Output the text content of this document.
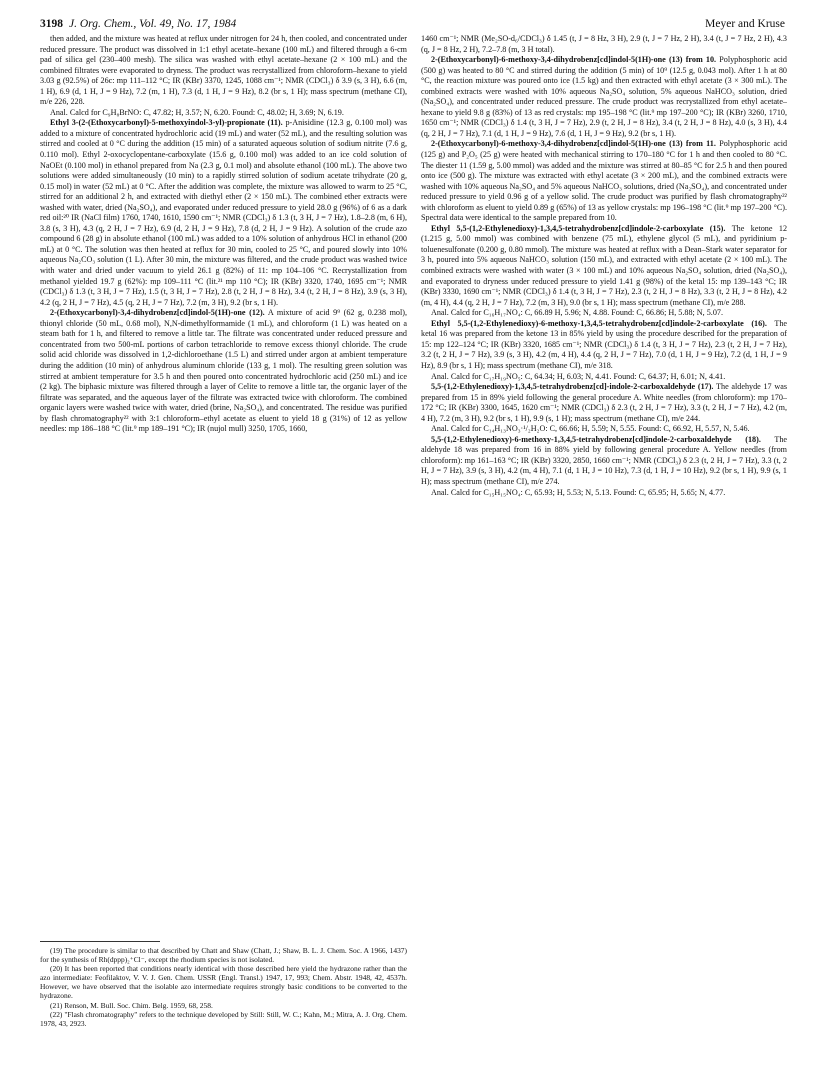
3198 J. Org. Chem., Vol. 49, No. 17, 1984	Meyer and Kruse

then added, and the mixture was heated at reflux under nitrogen for 24 h, then cooled, and concentrated under reduced pressure. The product was dissolved in 1:1 ethyl acetate–hexane (100 mL) and filtered through a 6-cm pad of silica gel (230–400 mesh). The silica was washed with ethyl acetate–hexane (2 × 100 mL) and the combined filtrates were evaporated to dryness. The product was recrystallized from chloroform–hexane to yield 3.03 g (92.5%) of 26c: mp 111–112 °C; IR (KBr) 3370, 1245, 1088 cm⁻¹; NMR (CDCl₃) δ 3.9 (s, 3 H), 6.6 (m, 1 H), 6.9 (d, 1 H, J = 9 Hz), 7.2 (m, 1 H), 7.3 (d, 1 H, J = 9 Hz), 8.2 (br s, 1 H); mass spectrum (methane CI), m/e 226, 228.

Anal. Calcd for C₉H₈BrNO: C, 47.82; H, 3.57; N, 6.20. Found: C, 48.02; H, 3.69; N, 6.19.

Ethyl 3-(2-(Ethoxycarbonyl)-5-methoxyindol-3-yl)-propionate (11). p-Anisidine (12.3 g, 0.100 mol) was added to a mixture of concentrated hydrochloric acid (19 mL) and water (52 mL), and the resulting solution was stirred and cooled at 0 °C during the addition (15 min) of a saturated aqueous solution of sodium nitrite (7.6 g, 0.110 mol). Ethyl 2-oxocyclopentane-carboxylate (15.6 g, 0.100 mol) was added to an ice cold solution of NaOEt (0.100 mol) in ethanol prepared from Na (2.3 g, 0.1 mol) and absolute ethanol (100 mL). The above two solutions were added simultaneously (10 min) to a rapidly stirred solution of sodium acetate trihydrate (20 g, 0.15 mol) in water (52 mL) at 0 °C. After the addition was complete, the mixture was allowed to warm to 25 °C, stirred for an additional 2 h, and extracted with diethyl ether (2 × 150 mL). The combined ether extracts were washed with water, dried (Na₂SO₄), and evaporated under reduced pressure to yield 28.0 g (96%) of 6 as a dark red oil:²⁰ IR (NaCl film) 1760, 1740, 1610, 1590 cm⁻¹; NMR (CDCl₃) δ 1.3 (t, 3 H, J = 7 Hz), 1.8–2.8 (m, 6 H), 3.8 (s, 3 H), 4.3 (q, 2 H, J = 7 Hz), 6.9 (d, 2 H, J = 9 Hz), 7.8 (d, 2 H, J = 9 Hz). A solution of the crude azo compound 6 (28 g) in absolute ethanol (100 mL) was added to a 10% solution of anhydrous HCl in ethanol (200 mL) at 0 °C. The solution was then heated at reflux for 30 min, cooled to 25 °C, and poured slowly into 10% aqueous Na₂CO₃ solution (1 L). After 30 min, the mixture was filtered, and the crude product was washed twice with water and dried under vacuum to yield 26.1 g (82%) of 11: mp 104–106 °C. Recrystallization from methanol yielded 19.7 g (62%): mp 109–111 °C (lit.²¹ mp 110 °C); IR (KBr) 3320, 1740, 1695 cm⁻¹; NMR (CDCl₃) δ 1.3 (t, 3 H, J = 7 Hz), 1.5 (t, 3 H, J = 7 Hz), 2.8 (t, 2 H, J = 8 Hz), 3.4 (t, 2 H, J = 8 Hz), 3.9 (s, 3 H), 4.2 (q, 2 H, J = 7 Hz), 4.5 (q, 2 H, J = 7 Hz), 7.2 (m, 3 H), 9.2 (br s, 1 H).

2-(Ethoxycarbonyl)-3,4-dihydrobenz[cd]indol-5(1H)-one (12). A mixture of acid 9⁹ (62 g, 0.238 mol), thionyl chloride (50 mL, 0.68 mol), N,N-dimethylformamide (1 mL), and chloroform (1 L) was heated on a steam bath for 1 h, and filtered to remove a little tar. The filtrate was concentrated under reduced pressure and concentrated from two 500-mL portions of carbon tetrachloride to remove excess thionyl chloride. The crude solid acid chloride was dissolved in 1,2-dichloroethane (1.5 L) and stirred under argon at ambient temperature during the addition (10 min) of anhydrous aluminum chloride (133 g, 1 mol). The resulting green solution was stirred at ambient temperature for 3.5 h and then poured onto concentrated hydrochloric acid (250 mL) and ice (2 kg). The biphasic mixture was filtered through a layer of Celite to remove a little tar, the organic layer of the filtrate was separated, and the aqueous layer of the filtrate was extracted twice with chloroform. The combined organic layers were washed twice with water, dried (brine, Na₂SO₄), and concentrated. The residue was purified by flash chromatography²² with 3:1 chloroform–ethyl acetate as eluent to yield 18 g (31%) of 12 as yellow needles: mp 186–188 °C (lit.⁹ mp 189–191 °C); IR (nujol mull) 3250, 1705, 1660,

1460 cm⁻¹; NMR (Me₂SO-d₆/CDCl₃) δ 1.45 (t, J = 8 Hz, 3 H), 2.9 (t, J = 7 Hz, 2 H), 3.4 (t, J = 7 Hz, 2 H), 4.3 (q, J = 8 Hz, 2 H), 7.2–7.8 (m, 3 H total).

2-(Ethoxycarbonyl)-6-methoxy-3,4-dihydrobenz[cd]indol-5(1H)-one (13) from 10. Polyphosphoric acid (500 g) was heated to 80 °C and stirred during the addition (5 min) of 10⁹ (12.5 g, 0.043 mol). After 1 h at 80 °C, the reaction mixture was poured onto ice (1.5 kg) and then extracted with ethyl acetate (3 × 300 mL). The combined extracts were washed with 10% aqueous Na₂SO₄ solution, 5% aqueous NaHCO₃ solution, dried (Na₂SO₄), and concentrated under reduced pressure. The crude product was recrystallized from ethyl acetate–hexane to yield 9.8 g (83%) of 13 as red crystals: mp 195–198 °C (lit.⁹ mp 197–200 °C); IR (KBr) 3260, 1710, 1650 cm⁻¹; NMR (CDCl₃) δ 1.4 (t, 3 H, J = 7 Hz), 2.9 (t, 2 H, J = 8 Hz), 3.4 (t, 2 H, J = 8 Hz), 4.0 (s, 3 H), 4.4 (q, 2 H, J = 7 Hz), 7.1 (d, 1 H, J = 9 Hz), 7.6 (d, 1 H, J = 9 Hz), 9.2 (br s, 1 H).

2-(Ethoxycarbonyl)-6-methoxy-3,4-dihydrobenz[cd]indol-5(1H)-one (13) from 11. Polyphosphoric acid (125 g) and P₂O₅ (25 g) were heated with mechanical stirring to 170–180 °C for 1 h and then cooled to 80 °C. The diester 11 (1.59 g, 5.00 mmol) was added and the mixture was stirred at 80–85 °C for 2.5 h and then poured onto ice (500 g). The mixture was extracted with ethyl acetate (3 × 200 mL), and the combined extracts were washed with 10% aqueous Na₂SO₄ and 5% aqueous NaHCO₃ solutions, dried (Na₂SO₄), and concentrated under reduced pressure to yield 0.96 g of a yellow solid. The crude product was purified by flash chromatography²² with chloroform as eluent to yield 0.89 g (65%) of 13 as yellow crystals: mp 196–198 °C (lit.⁹ mp 197–200 °C). Spectral data were identical to the sample prepared from 10.

Ethyl 5,5-(1,2-Ethylenedioxy)-1,3,4,5-tetrahydrobenz[cd]indole-2-carboxylate (15). The ketone 12 (1.215 g, 5.00 mmol) was combined with benzene (75 mL), ethylene glycol (5 mL), and pyridinium p-toluenesulfonate (0.200 g, 0.80 mmol). The mixture was heated at reflux with a Dean–Stark water separator for 3 h, poured into 5% aqueous NaHCO₃ solution (150 mL), and extracted with ethyl acetate (2 × 100 mL). The combined extracts were washed with water (3 × 100 mL) and 10% aqueous Na₂SO₄ solution, dried (Na₂SO₄), and evaporated to dryness under reduced pressure to yield 1.41 g (98%) of the ketal 15: mp 139–143 °C; IR (KBr) 3330, 1690 cm⁻¹; NMR (CDCl₃) δ 1.4 (t, 3 H, J = 7 Hz), 2.3 (t, 2 H, J = 8 Hz), 3.3 (t, 2 H, J = 8 Hz), 4.2 (m, 4 H), 4.4 (q, 2 H, J = 7 Hz), 7.2 (m, 3 H), 9.0 (br s, 1 H); mass spectrum (methane CI), m/e 288.

Anal. Calcd for C₁₆H₁₇NO₄: C, 66.89 H, 5.96; N, 4.88. Found: C, 66.86; H, 5.88; N, 5.07.

Ethyl 5,5-(1,2-Ethylenedioxy)-6-methoxy-1,3,4,5-tetrahydrobenz[cd]indole-2-carboxylate (16). The ketal 16 was prepared from the ketone 13 in 85% yield by using the procedure described for the preparation of 15: mp 122–124 °C; IR (KBr) 3320, 1685 cm⁻¹; NMR (CDCl₃) δ 1.4 (t, 3 H, J = 7 Hz), 2.3 (t, 2 H, J = 7 Hz), 3.2 (t, 2 H, J = 7 Hz), 3.9 (s, 3 H), 4.2 (m, 4 H), 4.4 (q, 2 H, J = 7 Hz), 7.0 (d, 1 H, J = 9 Hz), 7.2 (d, 1 H, J = 9 Hz), 8.9 (br s, 1 H); mass spectrum (methane CI), m/e 318.

Anal. Calcd for C₁₇H₁₉NO₅: C, 64.34; H, 6.03; N, 4.41. Found: C, 64.37; H, 6.01; N, 4.41.

5,5-(1,2-Ethylenedioxy)-1,3,4,5-tetrahydrobenz[cd]-indole-2-carboxaldehyde (17). The aldehyde 17 was prepared from 15 in 89% yield following the general procedure A. White needles (from chloroform): mp 170–172 °C; IR (KBr) 3300, 1645, 1620 cm⁻¹; NMR (CDCl₃) δ 2.3 (t, 2 H, J = 7 Hz), 3.3 (t, 2 H, J = 7 Hz), 4.2 (m, 4 H), 7.2 (m, 3 H), 9.2 (br s, 1 H), 9.9 (s, 1 H); mass spectrum (methane CI), m/e 244.

Anal. Calcd for C₁₄H₁₃NO₃·¹/₂H₂O: C, 66.66; H, 5.59; N, 5.55. Found: C, 66.92, H, 5.57, N, 5.46.

5,5-(1,2-Ethylenedioxy)-6-methoxy-1,3,4,5-tetrahydrobenz[cd]indole-2-carboxaldehyde (18). The aldehyde 18 was prepared from 16 in 88% yield by following general procedure A. Yellow needles (from chloroform): mp 161–163 °C; IR (KBr) 3320, 2850, 1660 cm⁻¹; NMR (CDCl₃) δ 2.3 (t, 2 H, J = 7 Hz), 3.3 (t, 2 H, J = 7 Hz), 3.9 (s, 3 H), 4.2 (m, 4 H), 7.1 (d, 1 H, J = 10 Hz), 7.3 (d, 1 H, J = 10 Hz), 9.2 (br s, 1 H), 9.9 (s, 1 H); mass spectrum (methane CI), m/e 274.

Anal. Calcd for C₁₅H₁₅NO₄: C, 65.93; H, 5.53; N, 5.13. Found: C, 65.95; H, 5.65; N, 4.77.

(19) The procedure is similar to that described by Chatt and Shaw (Chatt, J.; Shaw, B. L. J. Chem. Soc. A 1966, 1437) for the synthesis of Rh(dppp)₂⁺Cl⁻, except the rhodium species is not isolated.

(20) It has been reported that conditions nearly identical with those described here yield the hydrazone rather than the azo intermediate: Feofilaktov, V. V. J. Gen. Chem. USSR (Engl. Transl.) 1947, 17, 993; Chem. Abstr. 1948, 42, 4537h. However, we have observed that the isolable azo intermediate requires strongly basic conditions to be converted to the hydrazone.

(21) Renson, M. Bull. Soc. Chim. Belg. 1959, 68, 258.

(22) "Flash chromatography" refers to the technique developed by Still: Still, W. C.; Kahn, M.; Mitra, A. J. Org. Chem. 1978, 43, 2923.
